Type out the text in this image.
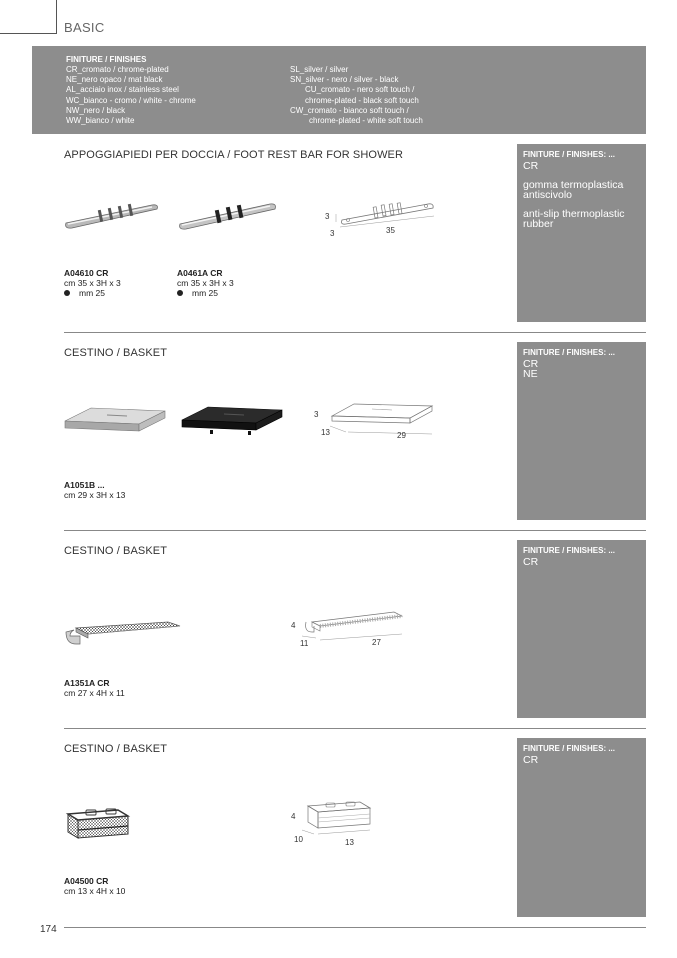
BASIC
FINITURE / FINISHES
CR_cromato / chrome-plated
NE_nero opaco / mat black
AL_acciaio inox / stainless steel
WC_bianco - cromo / white - chrome
NW_nero / black
WW_bianco / white
SL_silver / silver
SN_silver - nero / silver - black
CU_cromato - nero soft touch /
chrome-plated - black soft touch
CW_cromato - bianco soft touch /
chrome-plated - white soft touch
APPOGGIAPIEDI PER DOCCIA / FOOT REST BAR FOR SHOWER
3
3	35
A04610 CR
cm 35 x 3H x 3
mm 25
A0461A CR
cm 35 x 3H x 3
mm 25
FINITURE / FINISHES: ...

CR

gomma termoplastica antiscivolo

anti-slip thermoplastic rubber

CESTINO / BASKET
3
13	29
A1051B ...
cm 29 x 3H x 13
FINITURE / FINISHES: ...

CR

NE

CESTINO / BASKET
4
11	27
A1351A CR
cm 27 x 4H x 11
FINITURE / FINISHES: ...

CR

CESTINO / BASKET
4
10	13
A04500 CR
cm 13 x 4H x 10
FINITURE / FINISHES: ...

CR

174
